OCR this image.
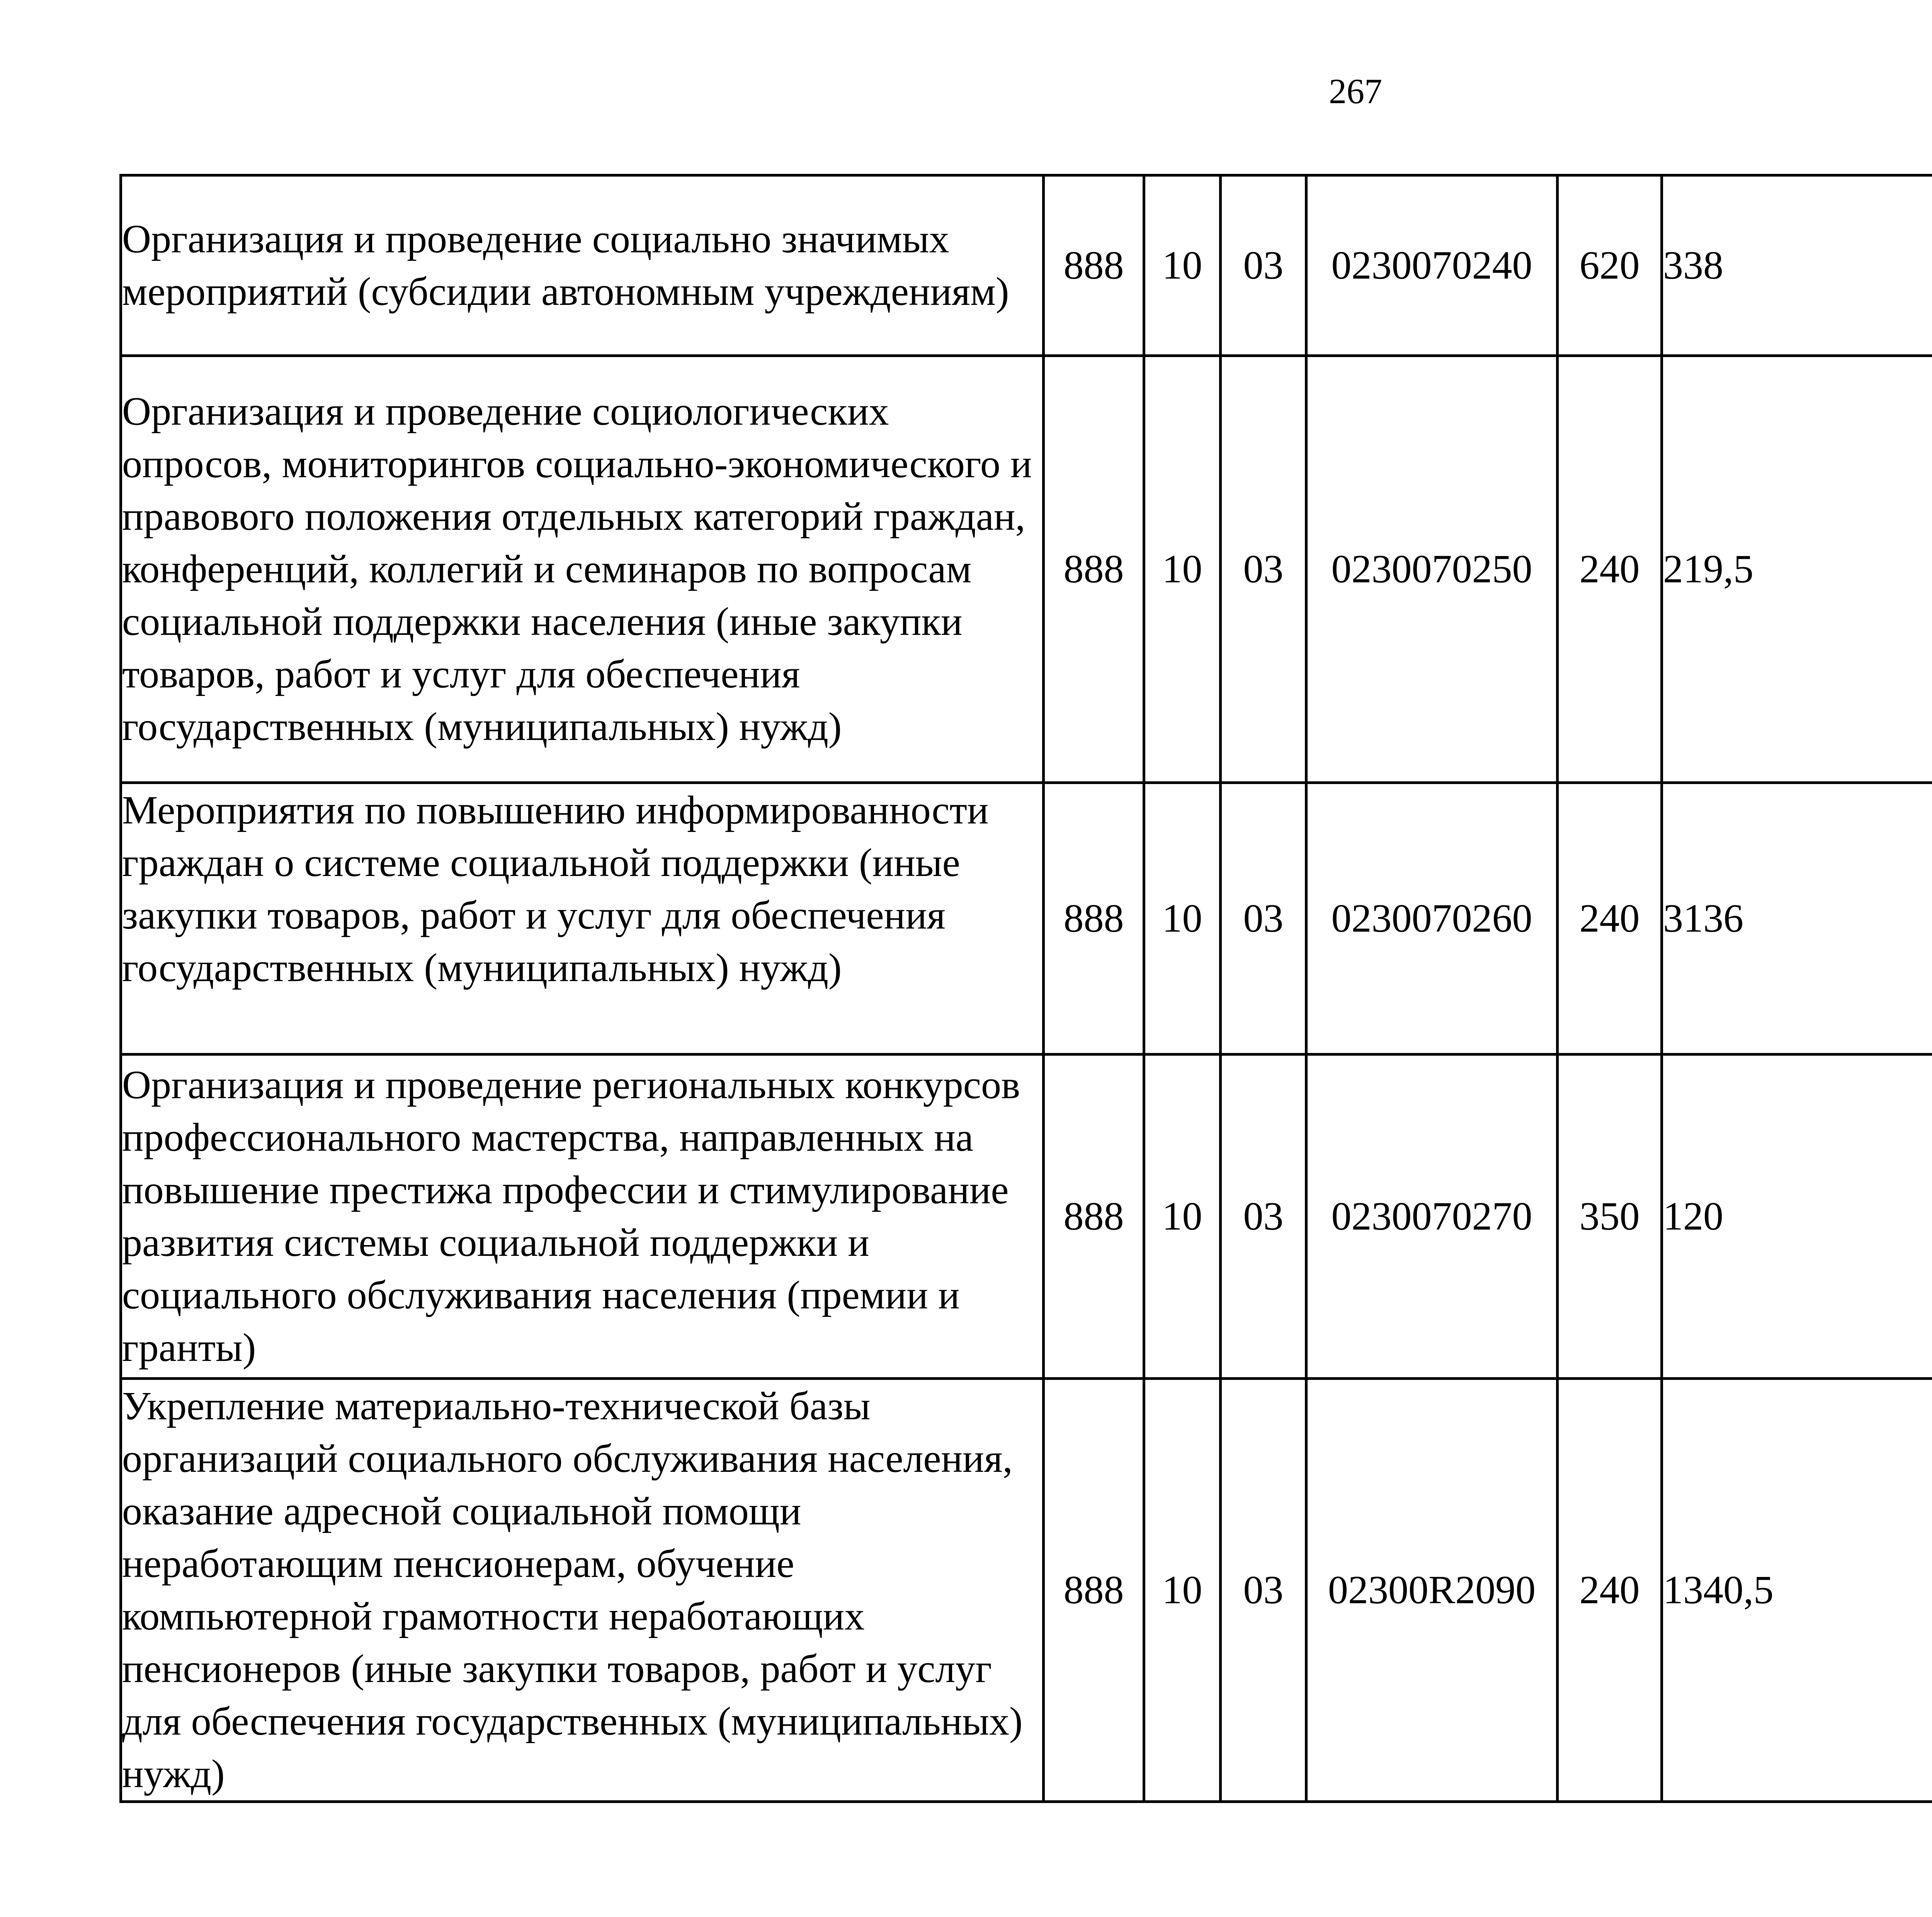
267
Организация и проведение социально значимых мероприятий (субсидии автономным учреждениям)	888	10	03	0230070240	620	338		
Организация и проведение социологических опросов, мониторингов социально-экономического и правового положения отдельных категорий граждан, конференций, коллегий и семинаров по вопросам социальной поддержки населения (иные закупки товаров, работ и услуг для обеспечения государственных (муниципальных) нужд)	888	10	03	0230070250	240	219,5		
Мероприятия по повышению информированности граждан о системе социальной поддержки (иные закупки товаров, работ и услуг для обеспечения государственных (муниципальных) нужд)	888	10	03	0230070260	240	3136		
Организация и проведение региональных конкурсов профессионального мастерства, направленных на повышение престижа профессии и стимулирование развития системы социальной поддержки и социального обслуживания населения (премии и гранты)	888	10	03	0230070270	350	120		
Укрепление материально-технической базы организаций социального обслуживания населения, оказание адресной социальной помощи неработающим пенсионерам, обучение компьютерной грамотности неработающих пенсионеров (иные закупки товаров, работ и услуг для обеспечения государственных (муниципальных) нужд)	888	10	03	02300R2090	240	1340,5		
